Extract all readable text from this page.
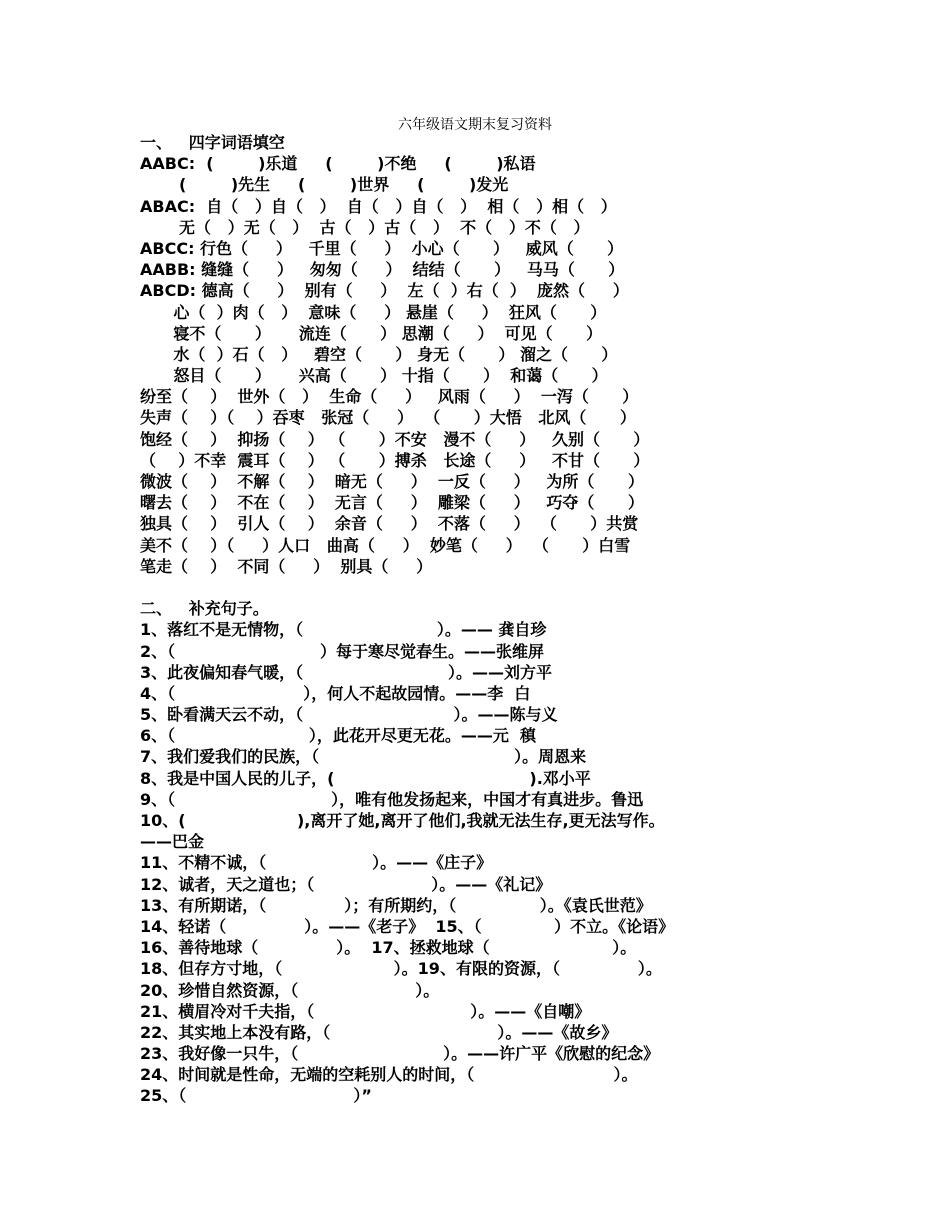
六年级语文期末复习资料
一、   四字词语填空
AABC:  (        )乐道     (        )不绝     (        )私语
(        )先生     (        )世界     (        )发光
ABAC:  自（   ）自（   ）  自（   ）自（   ）  相（   ）相（   ）
无（   ）无（   ）  古（   ）古（   ）  不（   ）不（   ）
ABCC: 行色（     ）   千里（     ）  小心（      ）   威风（      ）
AABB: 缝缝（     ）   匆匆（     ）  结结（      ）   马马（      ）
ABCD: 德高（     ）  别有（     ）  左（  ）右（  ）  庞然（     ）
心（  ）肉（   ）  意味（     ） 悬崖（     ）  狂风（      ）
寝不（      ）     流连（      ） 思潮（     ）  可见（      ）
水（  ）石（   ）   碧空（      ） 身无（      ） 溜之（      ）
怒目（      ）     兴高（      ） 十指（      ）  和蔼（      ）
纷至（    ）  世外（   ）  生命（     ）   风雨（     ）  一泻（      ）
失声（    ）（    ）吞枣   张冠（     ）  （      ）大悟   北风（      ）
饱经（    ）  抑扬（    ） （      ）不安   漫不（     ）   久别（      ）
（    ）不幸  震耳（    ） （      ）搏杀   长途（     ）   不甘（      ）
微波（    ）  不解（    ）  暗无（     ）  一反（     ）   为所（      ）
曙去（    ）  不在（    ）  无言（     ）  雕梁（     ）   巧夺（      ）
独具（    ）  引人（    ）  余音（     ）  不落（     ）  （      ）共赏
美不（    ）（     ）人口   曲高（     ）  妙笔（     ）  （      ）白雪
笔走（    ）  不同（     ）  别具（     ）
二、   补充句子。
1、落红不是无情物，（                        ）。—— 龚自珍
2、（                          ）每于寒尽觉春生。——张维屏
3、此夜偏知春气暖，（                          ）。——刘方平
4、（                       ），何人不起故园情。——李  白
5、卧看满天云不动，（                           ）。——陈与义
6、（                        ），此花开尽更无花。——元  稹
7、我们爱我们的民族，（                                   ）。周恩来
8、我是中国人民的儿子，(                                   ).邓小平
9、（                            ），唯有他发扬起来，中国才有真进步。鲁迅
10、(                    ),离开了她,离开了他们,我就无法生存,更无法写作。
——巴金
11、不精不诚，（                   ）。——《庄子》
12、诚者，天之道也；（                     ）。——《礼记》
13、有所期诺，（              ）；有所期约，（               ）。《袁氏世范》
14、轻诺（              ）。——《老子》  15、（             ）不立。《论语》
16、善待地球（              ）。  17、拯救地球（                      ）。
18、但存方寸地，（                    ）。19、有限的资源，（              ）。
20、珍惜自然资源，（                     ）。
21、横眉冷对千夫指，（                            ）。——《自嘲》
22、其实地上本没有路，（                              ）。——《故乡》
23、我好像一只牛，（                          ）。——许广平《欣慰的纪念》
24、时间就是性命，无端的空耗别人的时间，（                         ）。
25、（                              ）”
